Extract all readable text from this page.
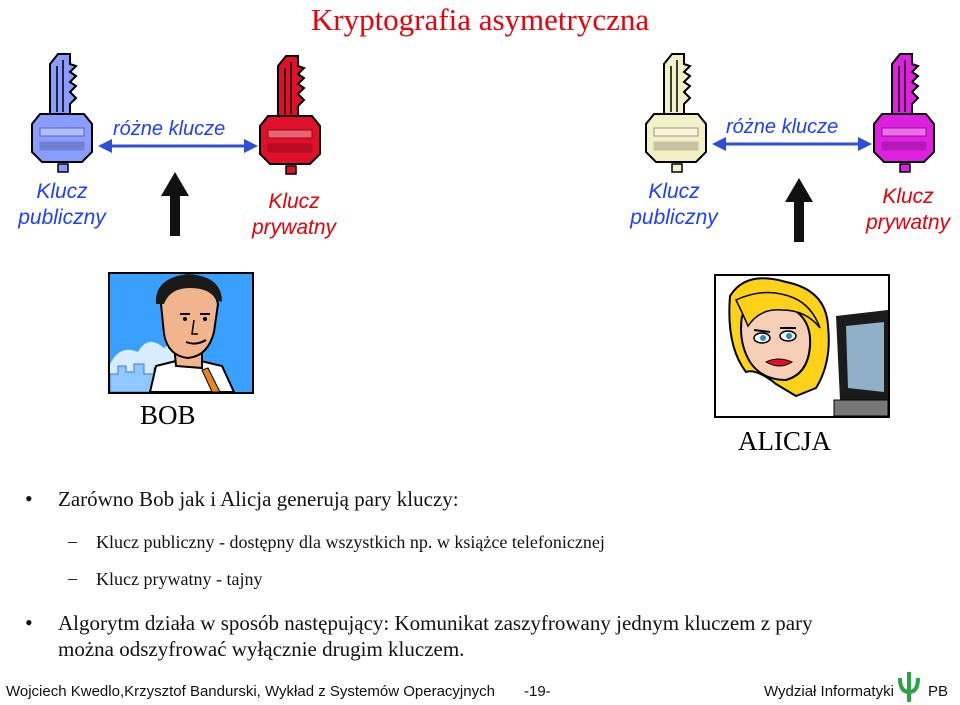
Kryptografia asymetryczna
różne klucze
Klucz
publiczny
Klucz
prywatny
BOB
różne klucze
Klucz
publiczny
Klucz
prywatny
ALICJA
• Zarówno Bob jak i Alicja generują pary kluczy:
– Klucz publiczny - dostępny dla wszystkich np. w książce telefonicznej
– Klucz prywatny - tajny
• Algorytm działa w sposób następujący: Komunikat zaszyfrowany jednym kluczem z pary
można odszyfrować wyłącznie drugim kluczem.
Wojciech Kwedlo,Krzysztof Bandurski, Wykład z Systemów Operacyjnych -19-	Wydział Informatyki PB
